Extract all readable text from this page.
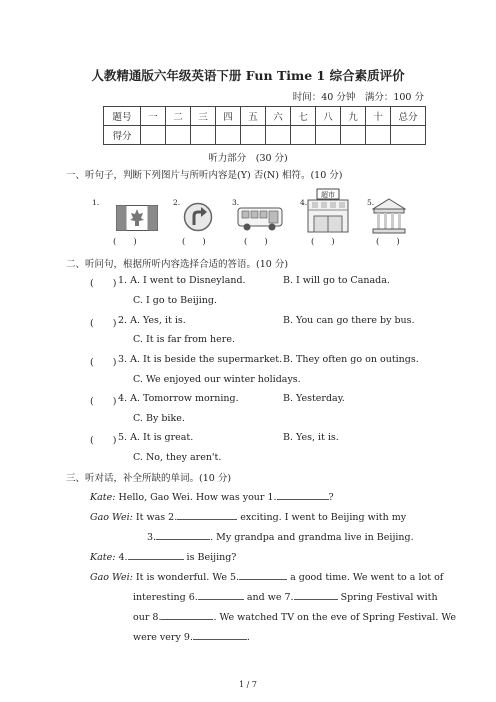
人教精通版六年级英语下册 Fun Time 1 综合素质评价
时间：40 分钟　满分：100 分
题号	一	二	三	四	五	六	七	八	九	十	总分
得分											
听力部分　(30 分)
一、听句子，判断下列图片与所听内容是(Y) 否(N) 相符。(10 分)
1.
(　　)
2.
(　　)
3.
(　　)
4.
超市
(　　)
5.
(　　)
二、听问句，根据所听内容选择合适的答语。(10 分)
(　　) 1. A. I went to Disneyland.	B. I will go to Canada.
C. I go to Beijing.
(　　) 2. A. Yes, it is.	B. You can go there by bus.
C. It is far from here.
(　　) 3. A. It is beside the supermarket. B. They often go on outings.
C. We enjoyed our winter holidays.
(　　) 4. A. Tomorrow morning.	B. Yesterday.
C. By bike.
(　　) 5. A. It is great.	B. Yes, it is.
C. No, they aren't.
三、听对话，补全所缺的单词。(10 分)
Kate: Hello, Gao Wei. How was your 1.	?
Gao Wei: It was 2.	exciting. I went to Beijing with my
3.	. My grandpa and grandma live in Beijing.
Kate: 4.	is Beijing?
Gao Wei: It is wonderful. We 5.	a good time. We went to a lot of
interesting 6.	and we 7.	Spring Festival with
our 8.	. We watched TV on the eve of Spring Festival. We
were very 9.	.
1 / 7
